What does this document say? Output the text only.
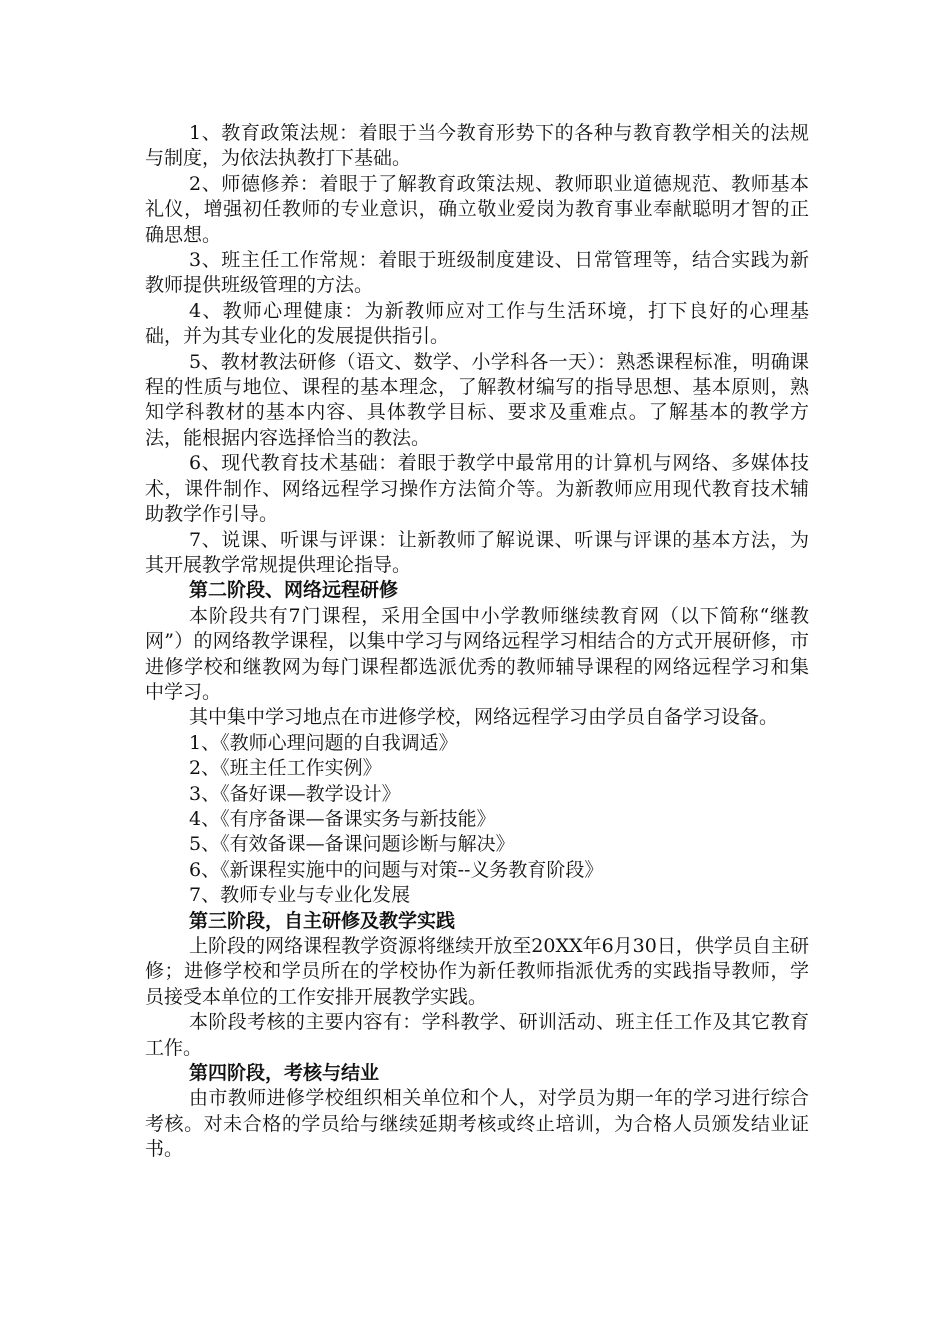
1、教育政策法规：着眼于当今教育形势下的各种与教育教学相关的法规与制度，为依法执教打下基础。

2、师德修养：着眼于了解教育政策法规、教师职业道德规范、教师基本礼仪，增强初任教师的专业意识，确立敬业爱岗为教育事业奉献聪明才智的正确思想。

3、班主任工作常规：着眼于班级制度建设、日常管理等，结合实践为新教师提供班级管理的方法。

4、教师心理健康：为新教师应对工作与生活环境，打下良好的心理基础，并为其专业化的发展提供指引。

5、教材教法研修（语文、数学、小学科各一天）：熟悉课程标准，明确课程的性质与地位、课程的基本理念，了解教材编写的指导思想、基本原则，熟知学科教材的基本内容、具体教学目标、要求及重难点。了解基本的教学方法，能根据内容选择恰当的教法。

6、现代教育技术基础：着眼于教学中最常用的计算机与网络、多媒体技术，课件制作、网络远程学习操作方法简介等。为新教师应用现代教育技术辅助教学作引导。

7、说课、听课与评课：让新教师了解说课、听课与评课的基本方法，为其开展教学常规提供理论指导。

第二阶段、网络远程研修

本阶段共有7门课程，采用全国中小学教师继续教育网（以下简称“继教网”）的网络教学课程，以集中学习与网络远程学习相结合的方式开展研修，市进修学校和继教网为每门课程都选派优秀的教师辅导课程的网络远程学习和集中学习。

其中集中学习地点在市进修学校，网络远程学习由学员自备学习设备。

1、《教师心理问题的自我调适》

2、《班主任工作实例》

3、《备好课—教学设计》

4、《有序备课—备课实务与新技能》

5、《有效备课—备课问题诊断与解决》

6、《新课程实施中的问题与对策--义务教育阶段》

7、教师专业与专业化发展

第三阶段，自主研修及教学实践

上阶段的网络课程教学资源将继续开放至20XX年6月30日，供学员自主研修；进修学校和学员所在的学校协作为新任教师指派优秀的实践指导教师，学员接受本单位的工作安排开展教学实践。

本阶段考核的主要内容有：学科教学、研训活动、班主任工作及其它教育工作。

第四阶段，考核与结业

由市教师进修学校组织相关单位和个人，对学员为期一年的学习进行综合考核。对未合格的学员给与继续延期考核或终止培训，为合格人员颁发结业证书。
